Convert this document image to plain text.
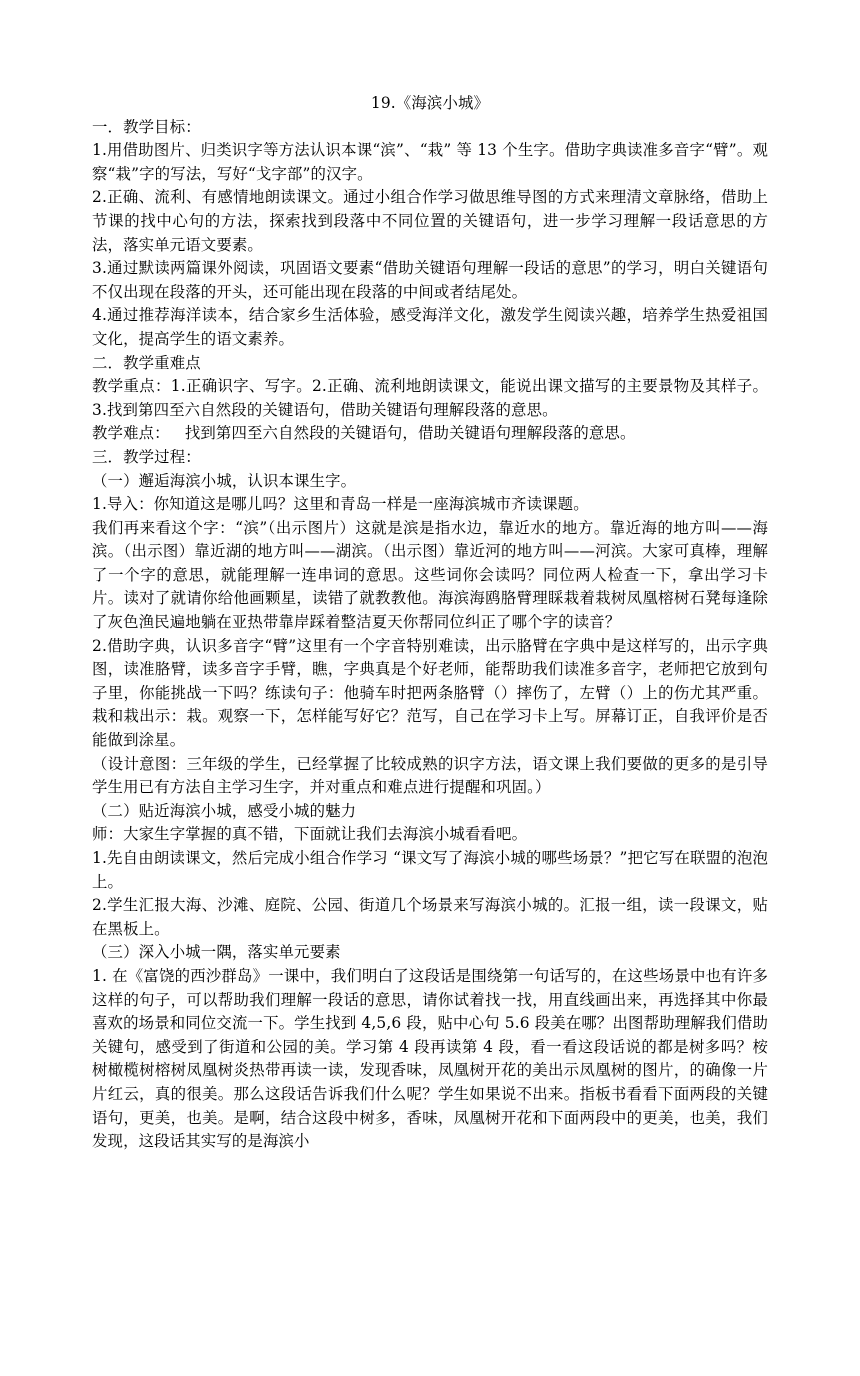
19.《海滨小城》

一．教学目标：

1.用借助图片、归类识字等方法认识本课“滨”、“栽” 等 13 个生字。借助字典读准多音字“臂”。观察“栽”字的写法，写好“戈字部”的汉字。

2.正确、流利、有感情地朗读课文。通过小组合作学习做思维导图的方式来理清文章脉络，借助上节课的找中心句的方法，探索找到段落中不同位置的关键语句，进一步学习理解一段话意思的方法，落实单元语文要素。

3.通过默读两篇课外阅读，巩固语文要素“借助关键语句理解一段话的意思”的学习，明白关键语句不仅出现在段落的开头，还可能出现在段落的中间或者结尾处。

4.通过推荐海洋读本，结合家乡生活体验，感受海洋文化，激发学生阅读兴趣，培养学生热爱祖国文化，提高学生的语文素养。

二．教学重难点

教学重点：1.正确识字、写字。2.正确、流利地朗读课文，能说出课文描写的主要景物及其样子。3.找到第四至六自然段的关键语句，借助关键语句理解段落的意思。

教学难点：   找到第四至六自然段的关键语句，借助关键语句理解段落的意思。

三．教学过程：

（一）邂逅海滨小城，认识本课生字。

1.导入：你知道这是哪儿吗？这里和青岛一样是一座海滨城市齐读课题。

我们再来看这个字：“滨”（出示图片）这就是滨是指水边，靠近水的地方。靠近海的地方叫——海滨。（出示图）靠近湖的地方叫——湖滨。（出示图）靠近河的地方叫——河滨。大家可真棒，理解了一个字的意思，就能理解一连串词的意思。这些词你会读吗？同位两人检查一下，拿出学习卡片。读对了就请你给他画颗星，读错了就教教他。海滨海鸥胳臂理睬栽着栽树凤凰榕树石凳每逢除了灰色渔民遍地躺在亚热带靠岸踩着整洁夏天你帮同位纠正了哪个字的读音？

2.借助字典，认识多音字“臂”这里有一个字音特别难读，出示胳臂在字典中是这样写的，出示字典图，读准胳臂，读多音字手臂，瞧，字典真是个好老师，能帮助我们读准多音字，老师把它放到句子里，你能挑战一下吗？练读句子：他骑车时把两条胳臂（）摔伤了，左臂（）上的伤尤其严重。栽和栽出示：栽。观察一下，怎样能写好它？范写，自己在学习卡上写。屏幕订正，自我评价是否能做到涂星。

（设计意图：三年级的学生，已经掌握了比较成熟的识字方法，语文课上我们要做的更多的是引导学生用已有方法自主学习生字，并对重点和难点进行提醒和巩固。）

（二）贴近海滨小城，感受小城的魅力

师：大家生字掌握的真不错，下面就让我们去海滨小城看看吧。

1.先自由朗读课文，然后完成小组合作学习 “课文写了海滨小城的哪些场景？”把它写在联盟的泡泡上。

2.学生汇报大海、沙滩、庭院、公园、街道几个场景来写海滨小城的。汇报一组，读一段课文，贴在黑板上。

（三）深入小城一隅，落实单元要素

1. 在《富饶的西沙群岛》一课中，我们明白了这段话是围绕第一句话写的，在这些场景中也有许多这样的句子，可以帮助我们理解一段话的意思，请你试着找一找，用直线画出来，再选择其中你最喜欢的场景和同位交流一下。学生找到 4,5,6 段，贴中心句 5.6 段美在哪？出图帮助理解我们借助关键句，感受到了街道和公园的美。学习第 4 段再读第 4 段，看一看这段话说的都是树多吗？桉树橄榄树榕树凤凰树炎热带再读一读，发现香味，凤凰树开花的美出示凤凰树的图片，的确像一片片红云，真的很美。那么这段话告诉我们什么呢？学生如果说不出来。指板书看看下面两段的关键语句，更美，也美。是啊，结合这段中树多，香味，凤凰树开花和下面两段中的更美，也美，我们发现，这段话其实写的是海滨小
